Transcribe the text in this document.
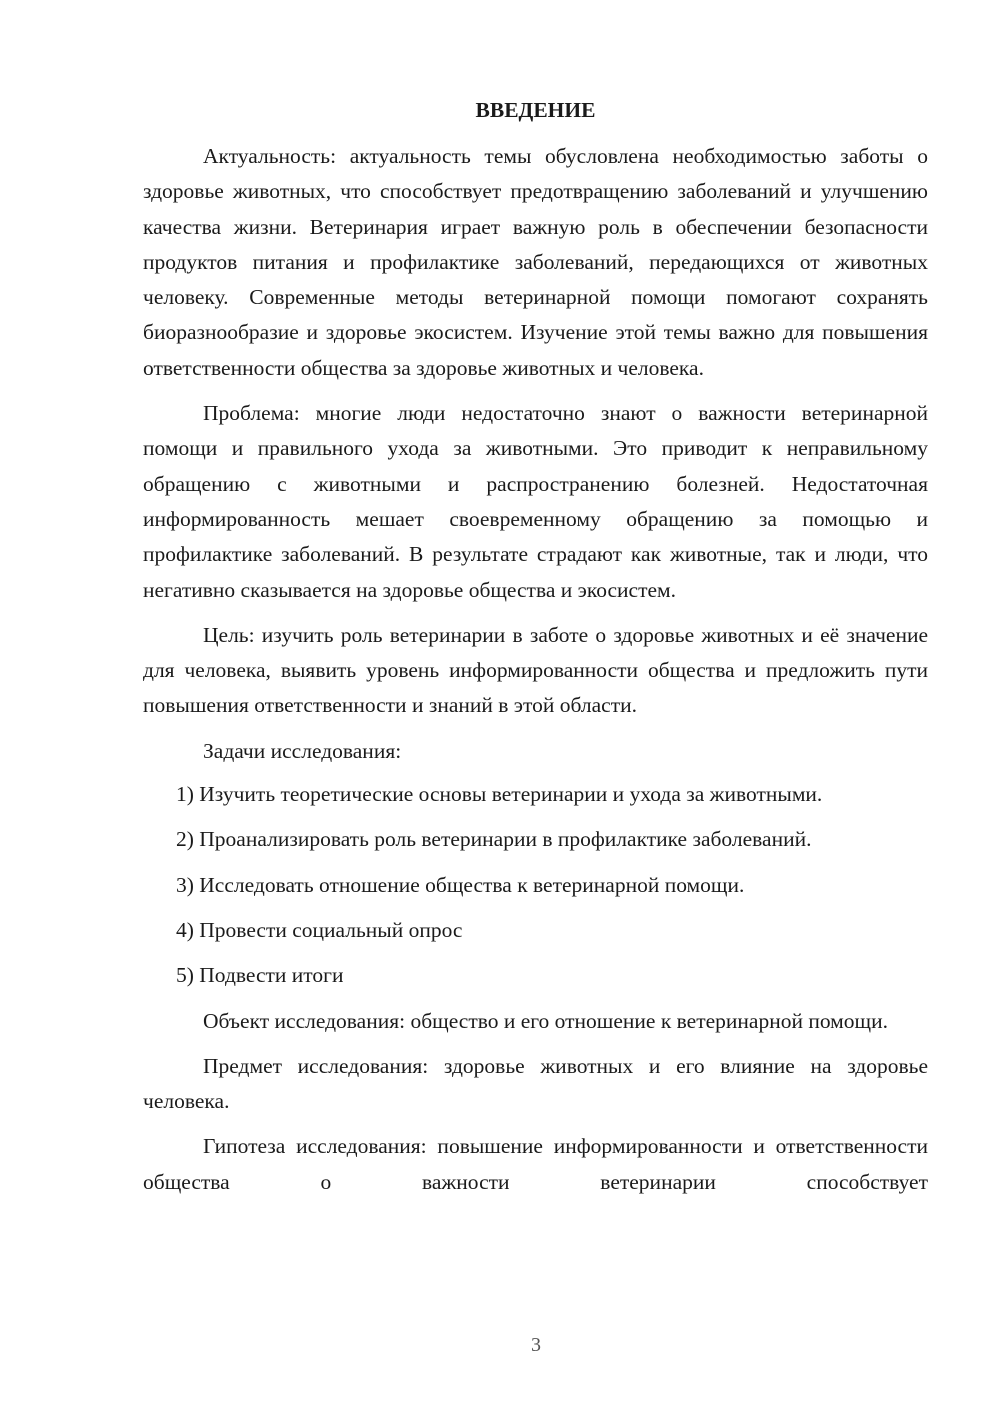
ВВЕДЕНИЕ

Актуальность: актуальность темы обусловлена необходимостью заботы о здоровье животных, что способствует предотвращению заболеваний и улучшению качества жизни. Ветеринария играет важную роль в обеспечении безопасности продуктов питания и профилактике заболеваний, передающихся от животных человеку. Современные методы ветеринарной помощи помогают сохранять биоразнообразие и здоровье экосистем. Изучение этой темы важно для повышения ответственности общества за здоровье животных и человека.

Проблема: многие люди недостаточно знают о важности ветеринарной помощи и правильного ухода за животными. Это приводит к неправильному обращению с животными и распространению болезней. Недостаточная информированность мешает своевременному обращению за помощью и профилактике заболеваний. В результате страдают как животные, так и люди, что негативно сказывается на здоровье общества и экосистем.

Цель: изучить роль ветеринарии в заботе о здоровье животных и её значение для человека, выявить уровень информированности общества и предложить пути повышения ответственности и знаний в этой области.

Задачи исследования:

1) Изучить теоретические основы ветеринарии и ухода за животными.

2) Проанализировать роль ветеринарии в профилактике заболеваний.

3) Исследовать отношение общества к ветеринарной помощи.

4) Провести социальный опрос

5) Подвести итоги

Объект исследования: общество и его отношение к ветеринарной помощи.

Предмет исследования: здоровье животных и его влияние на здоровье человека.

Гипотеза исследования: повышение информированности и ответственности общества о важности ветеринарии способствует

3
